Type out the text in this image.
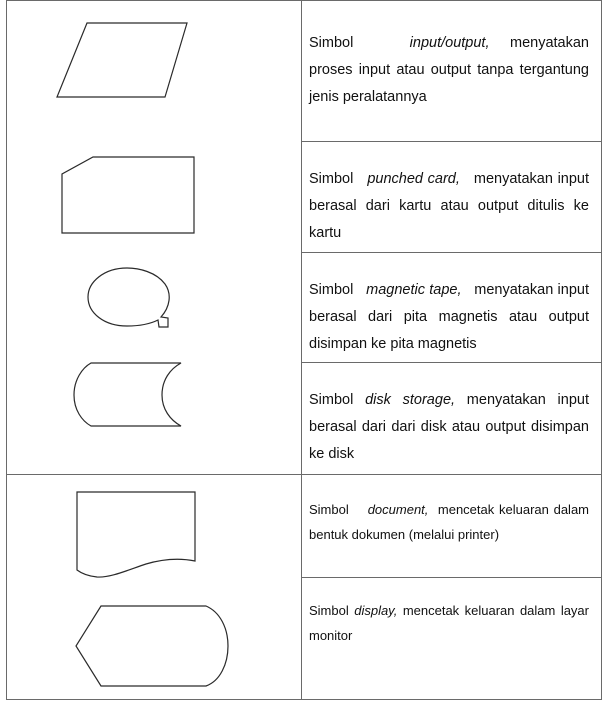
Simbol	input/output, menyatakan proses input atau output tanpa tergantung jenis peralatannya
Simbol punched card, menyatakan input berasal dari kartu atau output ditulis ke kartu
Simbol magnetic tape, menyatakan input berasal dari pita magnetis atau output disimpan ke pita magnetis
Simbol disk storage, menyatakan input berasal dari dari disk atau output disimpan ke disk
Simbol document, mencetak keluaran dalam bentuk dokumen (melalui printer)
Simbol display, mencetak keluaran dalam layar monitor
